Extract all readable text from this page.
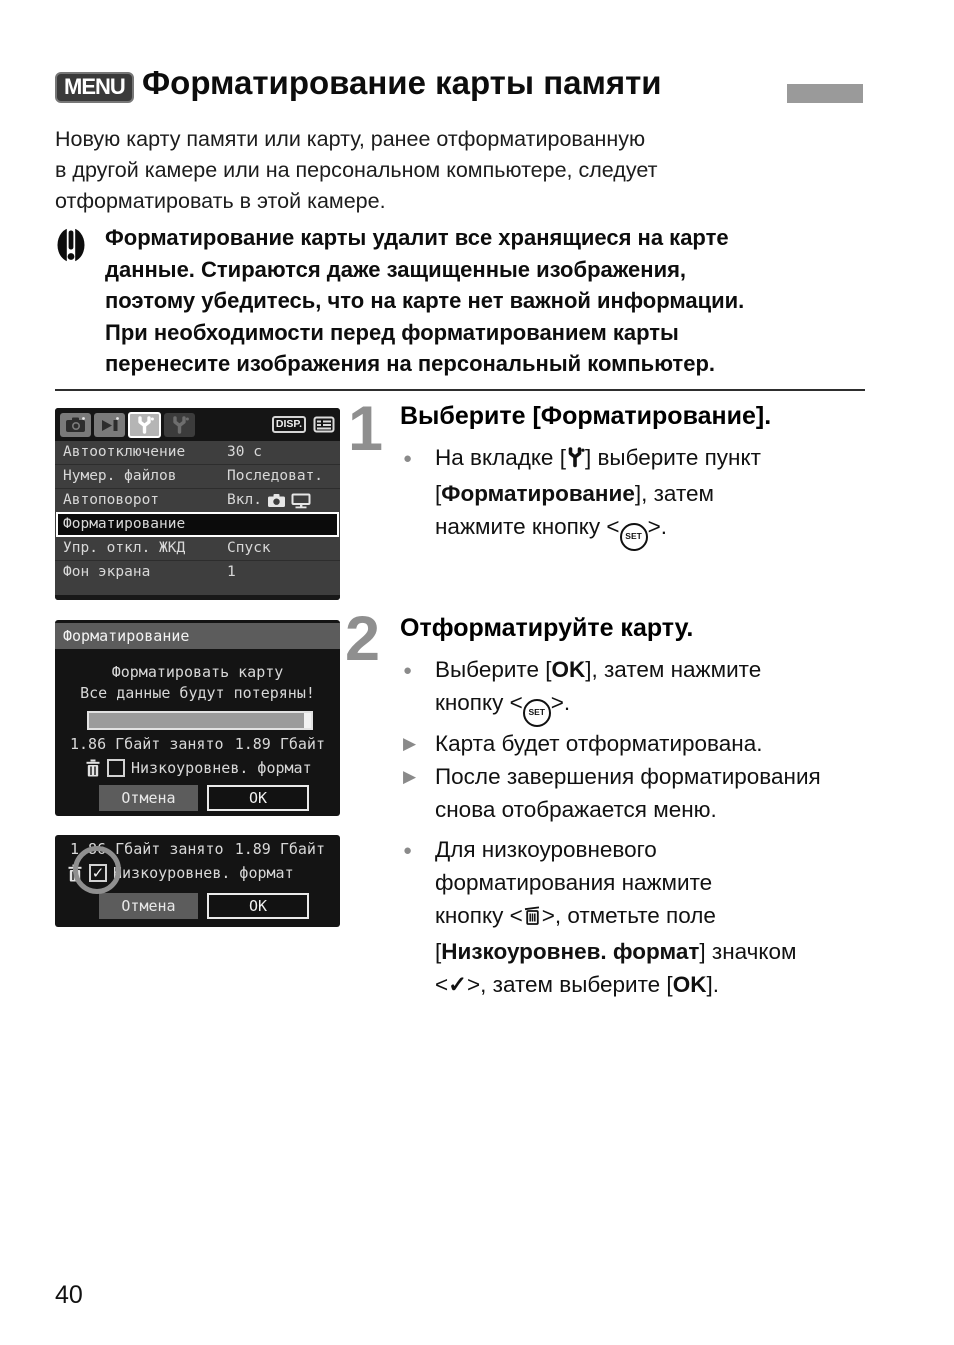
MENU Форматирование карты памяти
Новую карту памяти или карту, ранее отформатированную
в другой камере или на персональном компьютере, следует
отформатировать в этой камере.
Форматирование карты удалит все хранящиеся на карте
данные. Стираются даже защищенные изображения,
поэтому убедитесь, что на карте нет важной информации.
При необходимости перед форматированием карты
перенесите изображения на персональный компьютер.
DISP.
Автоотключение	30 с
Нумер. файлов	Последоват.
Автоповорот	Вкл.
Форматирование
Упр. откл. ЖКД	Спуск
Фон экрана	1
1 Выберите [Форматирование].
●	На вкладке [ ] выберите пункт
[Форматирование], затем
нажмите кнопку < SET >.
Форматирование
Форматировать карту
Все данные будут потеряны!
1.86 Гбайт занято 1.89 Гбайт
Низкоуровнев. формат
Отмена	OK
2 Отформатируйте карту.
●	Выберите [OK], затем нажмите
кнопку < SET >.
▶ Карта будет отформатирована.
▶ После завершения форматирования
снова отображается меню.
1.86 Гбайт занято 1.89 Гбайт
✓ Низкоуровнев. формат
Отмена	OK
●	Для низкоуровневого
форматирования нажмите
кнопку < >, отметьте поле
[Низкоуровнев. формат] значком
<✓>, затем выберите [OK].
40
